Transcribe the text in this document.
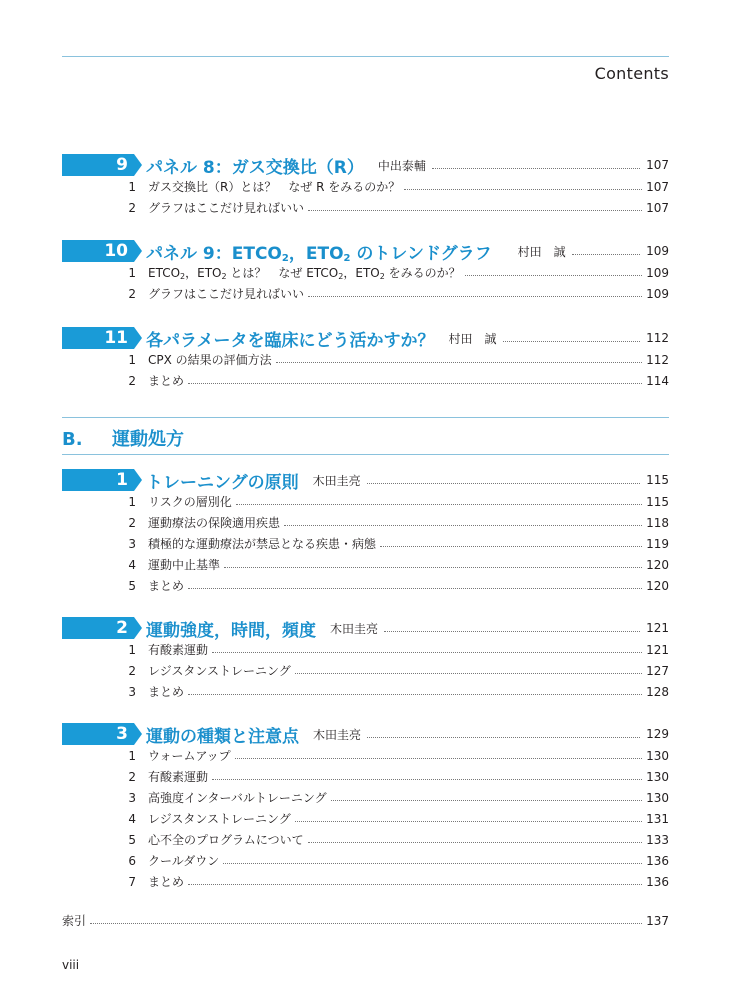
Contents
9	パネル 8：ガス交換比（R） 中出泰輔	107
1	ガス交換比（R）とは？　なぜ R をみるのか？	107
2	グラフはここだけ見ればいい	107
10	パネル 9：$ETCO_2$，$ETO_2$ のトレンドグラフ 村田　誠	109
1	$ETCO_2$，$ETO_2$ とは？　なぜ $ETCO_2$，$ETO_2$ をみるのか？	109
2	グラフはここだけ見ればいい	109
11	各パラメータを臨床にどう活かすか？ 村田　誠	112
1	CPX の結果の評価方法	112
2	まとめ	114
B. 運動処方
1	トレーニングの原則 木田圭亮	115
1	リスクの層別化	115
2	運動療法の保険適用疾患	118
3	積極的な運動療法が禁忌となる疾患・病態	119
4	運動中止基準	120
5	まとめ	120
2	運動強度，時間，頻度 木田圭亮	121
1	有酸素運動	121
2	レジスタンストレーニング	127
3	まとめ	128
3	運動の種類と注意点 木田圭亮	129
1	ウォームアップ	130
2	有酸素運動	130
3	高強度インターバルトレーニング	130
4	レジスタンストレーニング	131
5	心不全のプログラムについて	133
6	クールダウン	136
7	まとめ	136
索引	137
viii
